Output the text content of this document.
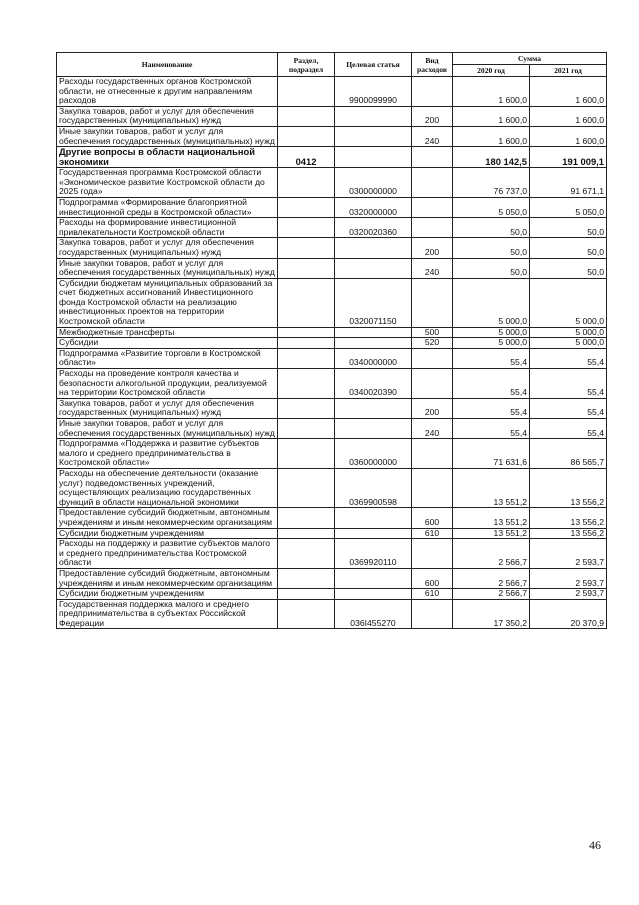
Наименование	Раздел, подраздел	Целевая статья	Вид расходов	Сумма	
				2020 год	2021 год
Расходы государственных органов Костромской области, не отнесенные к другим направлениям расходов		9900099990		1 600,0	1 600,0
Закупка товаров, работ и услуг для обеспечения государственных (муниципальных) нужд			200	1 600,0	1 600,0
Иные закупки товаров, работ и услуг для обеспечения государственных (муниципальных) нужд			240	1 600,0	1 600,0
Другие вопросы в области национальной экономики	0412			180 142,5	191 009,1
Государственная программа Костромской области «Экономическое развитие Костромской области до 2025 года»		0300000000		76 737,0	91 671,1
Подпрограмма «Формирование благоприятной инвестиционной среды в Костромской области»		0320000000		5 050,0	5 050,0
Расходы на формирование инвестиционной привлекательности Костромской области		0320020360		50,0	50,0
Закупка товаров, работ и услуг для обеспечения государственных (муниципальных) нужд			200	50,0	50,0
Иные закупки товаров, работ и услуг для обеспечения государственных (муниципальных) нужд			240	50,0	50,0
Субсидии бюджетам муниципальных образований за счет бюджетных ассигнований Инвестиционного фонда Костромской области на реализацию инвестиционных проектов на территории Костромской области		0320071150		5 000,0	5 000,0
Межбюджетные трансферты			500	5 000,0	5 000,0
Субсидии			520	5 000,0	5 000,0
Подпрограмма «Развитие торговли в Костромской области»		0340000000		55,4	55,4
Расходы на проведение контроля качества и безопасности алкогольной продукции, реализуемой на территории Костромской области		0340020390		55,4	55,4
Закупка товаров, работ и услуг для обеспечения государственных (муниципальных) нужд			200	55,4	55,4
Иные закупки товаров, работ и услуг для обеспечения государственных (муниципальных) нужд			240	55,4	55,4
Подпрограмма «Поддержка и развитие субъектов малого и среднего предпринимательства в Костромской области»		0360000000		71 631,6	86 565,7
Расходы на обеспечение деятельности (оказание услуг) подведомственных учреждений, осуществляющих реализацию государственных функций в области национальной экономики		0369900598		13 551,2	13 556,2
Предоставление субсидий бюджетным, автономным учреждениям и иным некоммерческим организациям			600	13 551,2	13 556,2
Субсидии бюджетным учреждениям			610	13 551,2	13 556,2
Расходы на поддержку и развитие субъектов малого и среднего предпринимательства Костромской области		0369920110		2 566,7	2 593,7
Предоставление субсидий бюджетным, автономным учреждениям и иным некоммерческим организациям			600	2 566,7	2 593,7
Субсидии бюджетным учреждениям			610	2 566,7	2 593,7
Государственная поддержка малого и среднего предпринимательства в субъектах Российской Федерации		036I455270		17 350,2	20 370,9
46
